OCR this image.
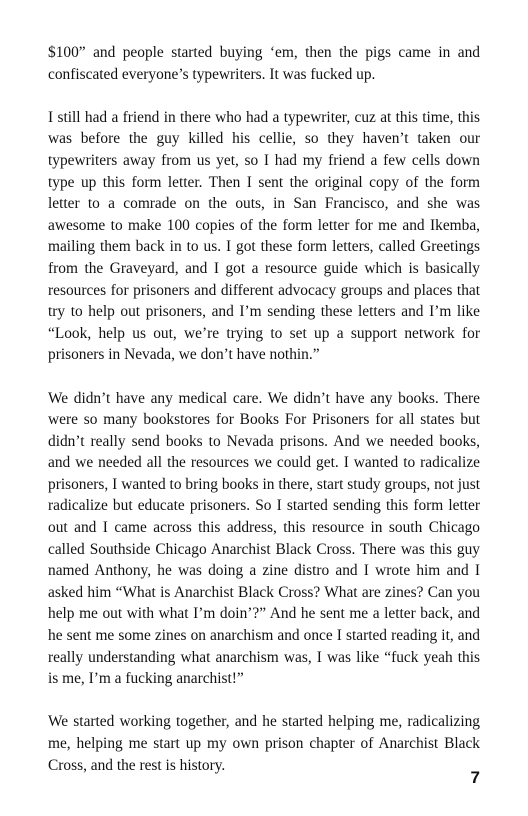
$100” and people started buying ‘em, then the pigs came in and confiscated everyone’s typewriters. It was fucked up.

I still had a friend in there who had a typewriter, cuz at this time, this was before the guy killed his cellie, so they haven’t taken our typewriters away from us yet, so I had my friend a few cells down type up this form letter. Then I sent the original copy of the form letter to a comrade on the outs, in San Francisco, and she was awesome to make 100 copies of the form letter for me and Ikemba, mailing them back in to us. I got these form letters, called Greetings from the Graveyard, and I got a resource guide which is basically resources for prisoners and different advocacy groups and places that try to help out prisoners, and I’m sending these letters and I’m like “Look, help us out, we’re trying to set up a support network for prisoners in Nevada, we don’t have nothin.”

We didn’t have any medical care. We didn’t have any books. There were so many bookstores for Books For Prisoners for all states but didn’t really send books to Nevada prisons. And we needed books, and we needed all the resources we could get. I wanted to radicalize prisoners, I wanted to bring books in there, start study groups, not just radicalize but educate prisoners. So I started sending this form letter out and I came across this address, this resource in south Chicago called Southside Chicago Anarchist Black Cross. There was this guy named Anthony, he was doing a zine distro and I wrote him and I asked him “What is Anarchist Black Cross? What are zines? Can you help me out with what I’m doin’?” And he sent me a letter back, and he sent me some zines on anarchism and once I started reading it, and really understanding what anarchism was, I was like “fuck yeah this is me, I’m a fucking anarchist!”

We started working together, and he started helping me, radicalizing me, helping me start up my own prison chapter of Anarchist Black Cross, and the rest is history.

7
